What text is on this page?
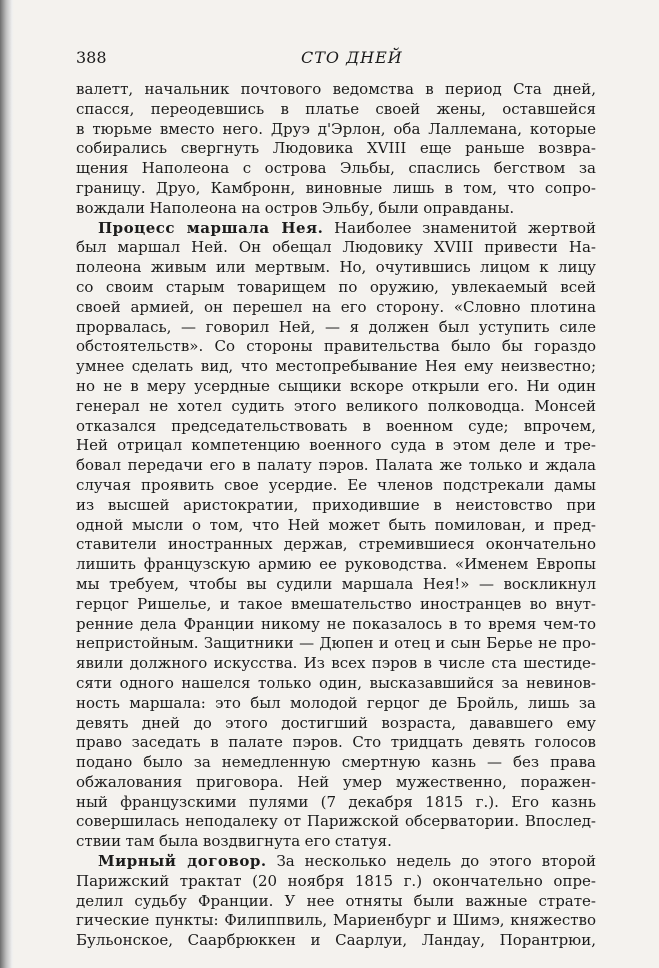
388	СТО ДНЕЙ
валетт, начальник почтового ведомства в период Ста дней,
спасся, переодевшись в платье своей жены, оставшейся
в тюрьме вместо него. Друэ д'Эрлон, оба Лаллемана, которые
собирались свергнуть Людовика XVIII еще раньше возвра-
щения Наполеона с острова Эльбы, спаслись бегством за
границу. Друо, Камбронн, виновные лишь в том, что сопро-
вождали Наполеона на остров Эльбу, были оправданы.
Процесс маршала Нея. Наиболее знаменитой жертвой
был маршал Ней. Он обещал Людовику XVIII привести На-
полеона живым или мертвым. Но, очутившись лицом к лицу
со своим старым товарищем по оружию, увлекаемый всей
своей армией, он перешел на его сторону. «Словно плотина
прорвалась, — говорил Ней, — я должен был уступить силе
обстоятельств». Со стороны правительства было бы гораздо
умнее сделать вид, что местопребывание Нея ему неизвестно;
но не в меру усердные сыщики вскоре открыли его. Ни один
генерал не хотел судить этого великого полководца. Монсей
отказался председательствовать в военном суде; впрочем,
Ней отрицал компетенцию военного суда в этом деле и тре-
бовал передачи его в палату пэров. Палата же только и ждала
случая проявить свое усердие. Ее членов подстрекали дамы
из высшей аристократии, приходившие в неистовство при
одной мысли о том, что Ней может быть помилован, и пред-
ставители иностранных держав, стремившиеся окончательно
лишить французскую армию ее руководства. «Именем Европы
мы требуем, чтобы вы судили маршала Нея!» — воскликнул
герцог Ришелье, и такое вмешательство иностранцев во внут-
ренние дела Франции никому не показалось в то время чем-то
непристойным. Защитники — Дюпен и отец и сын Берье не про-
явили должного искусства. Из всех пэров в числе ста шестиде-
сяти одного нашелся только один, высказавшийся за невинов-
ность маршала: это был молодой герцог де Бройль, лишь за
девять дней до этого достигший возраста, дававшего ему
право заседать в палате пэров. Сто тридцать девять голосов
подано было за немедленную смертную казнь — без права
обжалования приговора. Ней умер мужественно, поражен-
ный французскими пулями (7 декабря 1815 г.). Его казнь
совершилась неподалеку от Парижской обсерватории. Впослед-
ствии там была воздвигнута его статуя.
Мирный договор. За несколько недель до этого второй
Парижский трактат (20 ноября 1815 г.) окончательно опре-
делил судьбу Франции. У нее отняты были важные страте-
гические пункты: Филиппвиль, Мариенбург и Шимэ, княжество
Бульонское, Саарбрюккен и Саарлуи, Ландау, Порантрюи,
